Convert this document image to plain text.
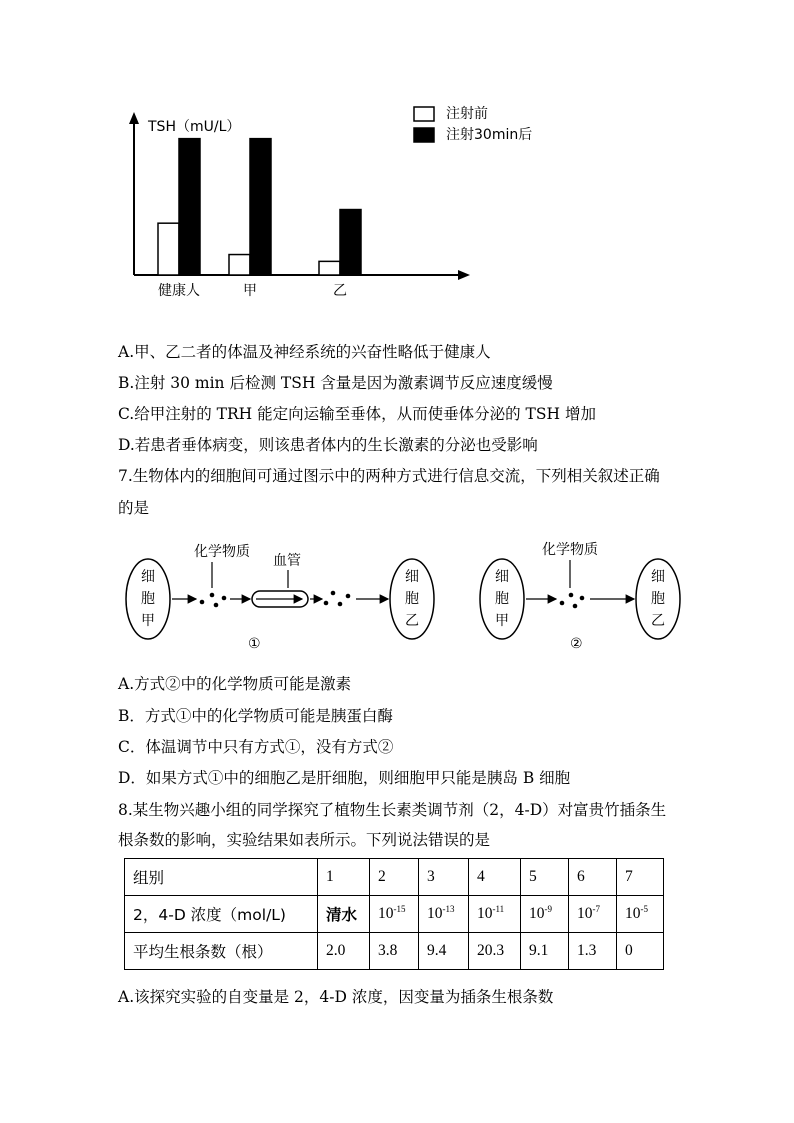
TSH（mU/L）
健康人	甲	乙
注射前
注射30min后
A.甲、乙二者的体温及神经系统的兴奋性略低于健康人
B.注射 30 min 后检测 TSH 含量是因为激素调节反应速度缓慢
C.给甲注射的 TRH 能定向运输至垂体，从而使垂体分泌的 TSH 增加
D.若患者垂体病变，则该患者体内的生长激素的分泌也受影响
7.生物体内的细胞间可通过图示中的两种方式进行信息交流，下列相关叙述正确
的是
细
胞
甲
化学物质
血管
细
胞
乙
①
细
胞
甲
化学物质
细
胞
乙
②
A.方式②中的化学物质可能是激素
B．方式①中的化学物质可能是胰蛋白酶
C．体温调节中只有方式①，没有方式②
D．如果方式①中的细胞乙是肝细胞，则细胞甲只能是胰岛 B 细胞
8.某生物兴趣小组的同学探究了植物生长素类调节剂（2，4-D）对富贵竹插条生
根条数的影响，实验结果如表所示。下列说法错误的是
组别	1	2	3	4	5	6	7
2，4-D 浓度（mol/L)	清水	$10^{-15}$	$10^{-13}$	$10^{-11}$	$10^{-9}$	$10^{-7}$	$10^{-5}$
平均生根条数（根）	2.0	3.8	9.4	20.3	9.1	1.3	0
A.该探究实验的自变量是 2，4-D 浓度，因变量为插条生根条数
